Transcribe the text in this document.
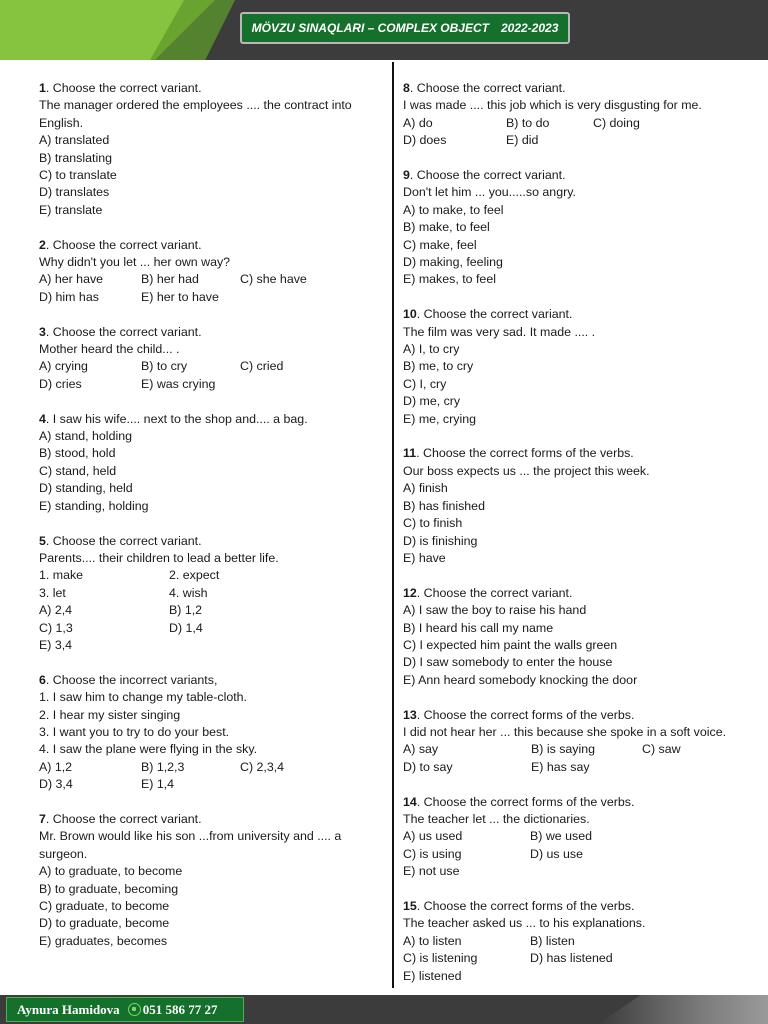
MÖVZU SINAQLARI – COMPLEX OBJECT 2022-2023
1. Choose the correct variant.
The manager ordered the employees .... the contract into
English.
A) translated
B) translating
C) to translate
D) translates
E) translate
2. Choose the correct variant.
Why didn't you let ... her own way?
A) her have	B) her had	C) she have
D) him has	E) her to have
3. Choose the correct variant.
Mother heard the child... .
A) crying	B) to cry	C) cried
D) cries	E) was crying
4. I saw his wife.... next to the shop and.... a bag.
A) stand, holding
B) stood, hold
C) stand, held
D) standing, held
E) standing, holding
5. Choose the correct variant.
Parents.... their children to lead a better life.
1. make	2. expect
3. let	4. wish
A) 2,4	B) 1,2
C) 1,3	D) 1,4
E) 3,4
6. Choose the incorrect variants,
1. I saw him to change my table-cloth.
2. I hear my sister singing
3. I want you to try to do your best.
4. I saw the plane were flying in the sky.
A) 1,2	B) 1,2,3	C) 2,3,4
D) 3,4	E) 1,4
7. Choose the correct variant.
Mr. Brown would like his son ...from university and .... a
surgeon.
A) to graduate, to become
B) to graduate, becoming
C) graduate, to become
D) to graduate, become
E) graduates, becomes
8. Choose the correct variant.
I was made .... this job which is very disgusting for me.
A) do	B) to do	C) doing
D) does	E) did
9. Choose the correct variant.
Don't let him ... you.....so angry.
A) to make, to feel
B) make, to feel
C) make, feel
D) making, feeling
E) makes, to feel
10. Choose the correct variant.
The film was very sad. It made .... .
A) I, to cry
B) me, to cry
C) I, cry
D) me, cry
E) me, crying
11. Choose the correct forms of the verbs.
Our boss expects us ... the project this week.
A) finish
B) has finished
C) to finish
D) is finishing
E) have
12. Choose the correct variant.
A) I saw the boy to raise his hand
B) I heard his call my name
C) I expected him paint the walls green
D) I saw somebody to enter the house
E) Ann heard somebody knocking the door
13. Choose the correct forms of the verbs.
I did not hear her ... this because she spoke in a soft voice.
A) say	B) is saying	C) saw
D) to say	E) has say
14. Choose the correct forms of the verbs.
The teacher let ... the dictionaries.
A) us used	B) we used
C) is using	D) us use
E) not use
15. Choose the correct forms of the verbs.
The teacher asked us ... to his explanations.
A) to listen	B) listen
C) is listening	D) has listened
E) listened
Aynura Hamidova 051 586 77 27
